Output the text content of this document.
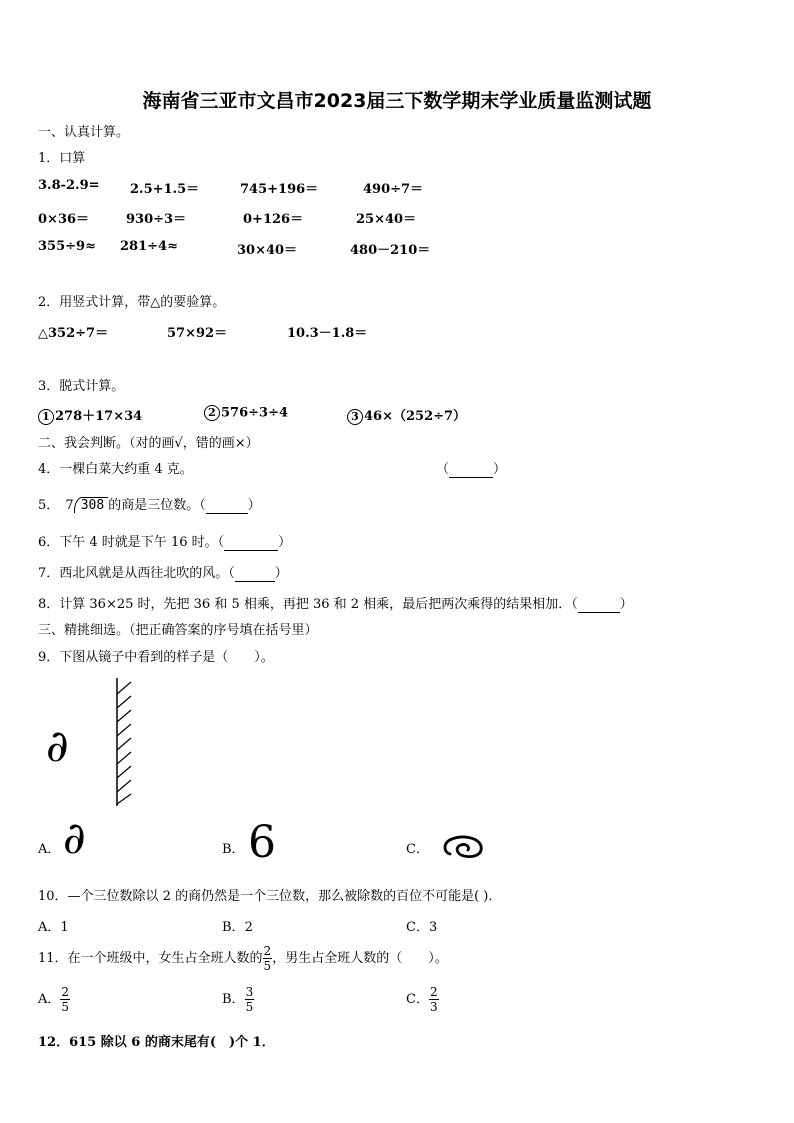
海南省三亚市文昌市2023届三下数学期末学业质量监测试题
一、认真计算。
1．口算
3.8-2.9= 2.5+1.5＝	745+196＝	490÷7＝
0×36＝	930÷3＝	0+126＝	25×40＝
355÷9≈ 281÷4≈	30×40＝	480－210＝
2．用竖式计算，带△的要验算。
△352÷7＝	57×92＝	10.3－1.8＝
3．脱式计算。
1 278＋17×34	2 576÷3÷4	3 46×（252÷7）
二、我会判断。（对的画√，错的画×）
4．一棵白菜大约重 4 克。	（	）
5． 7 308 的商是三位数。（	）
6．下午 4 时就是下午 16 时。（	）
7．西北风就是从西往北吹的风。（	）
8．计算 36×25 时，先把 36 和 5 相乘，再把 36 和 2 相乘，最后把两次乘得的结果相加．（	）
三、精挑细选。（把正确答案的序号填在括号里）
9．下图从镜子中看到的样子是（　　）。
∂
A． ∂	B． 6	C．
10．—个三位数除以 2 的商仍然是一个三位数，那么被除数的百位不可能是( )．
A．1	B．2	C．3
11．在一个班级中，女生占全班人数的 $\frac{2}{5}$ ，男生占全班人数的（　　）。
A． $\frac{2}{5}$	B． $\frac{3}{5}$	C． $\frac{2}{3}$
12．615 除以 6 的商末尾有(　)个 1．
